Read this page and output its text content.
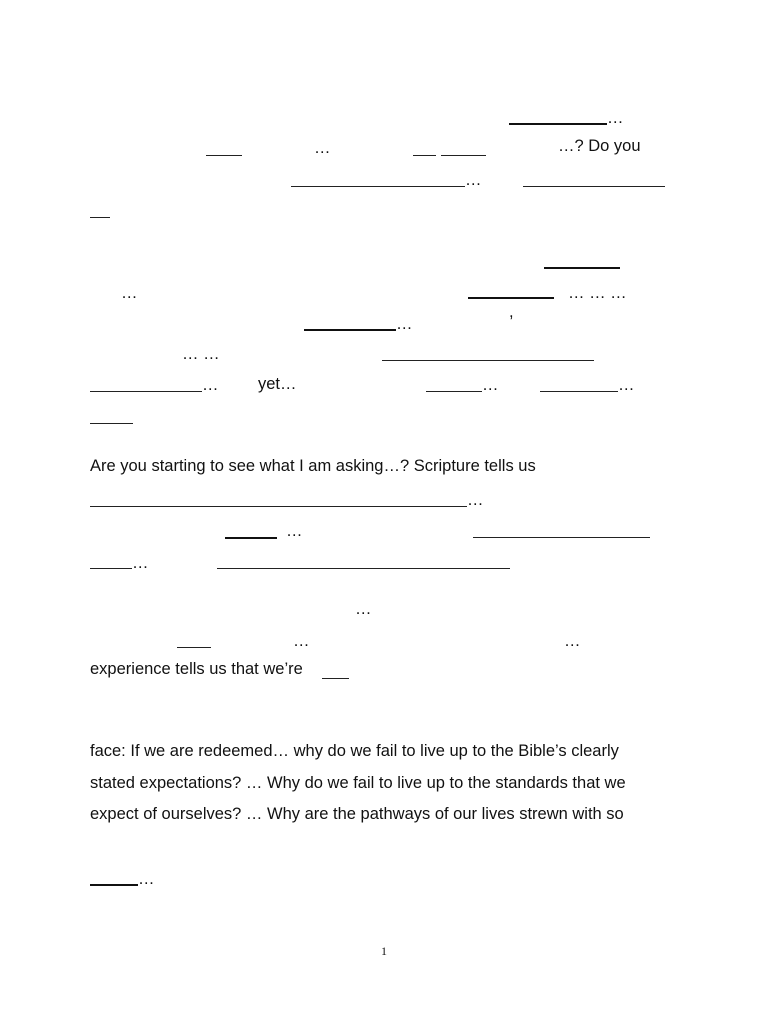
…
…	…? Do you
…
…	… … …
,
…
… …
… yet…	…	…
Are you starting to see what I am asking…? Scripture tells us
…
…
…
…
…	…
experience tells us that we’re
face: If we are redeemed… why do we fail to live up to the Bible’s clearly
stated expectations? … Why do we fail to live up to the standards that we
expect of ourselves? … Why are the pathways of our lives strewn with so
…
1
